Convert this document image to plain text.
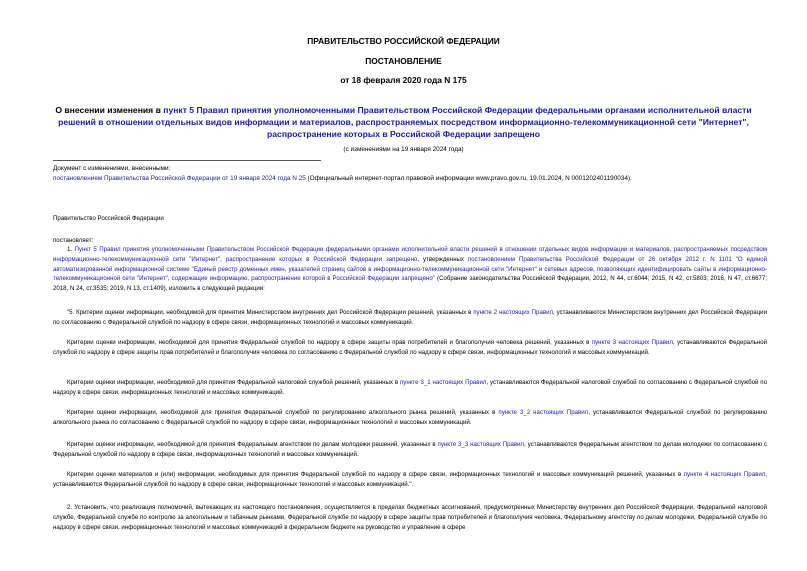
ПРАВИТЕЛЬСТВО РОССИЙСКОЙ ФЕДЕРАЦИИ
ПОСТАНОВЛЕНИЕ
от 18 февраля 2020 года N 175
О внесении изменения в пункт 5 Правил принятия уполномоченными Правительством Российской Федерации федеральными органами исполнительной власти решений в отношении отдельных видов информации и материалов, распространяемых посредством информационно-телекоммуникационной сети "Интернет", распространение которых в Российской Федерации запрещено
(с изменениями на 19 января 2024 года)
Документ с изменениями, внесенными:
постановлением Правительства Российской Федерации от 19 января 2024 года N 25 (Официальный интернет-портал правовой информации www.pravo.gov.ru, 19.01.2024, N 0001202401190034).
Правительство Российской Федерации
постановляет:
1. Пункт 5 Правил принятия уполномоченными Правительством Российской Федерации федеральными органами исполнительной власти решений в отношении отдельных видов информации и материалов, распространяемых посредством информационно-телекоммуникационной сети "Интернет", распространение которых в Российской Федерации запрещено, утвержденных постановлением Правительства Российской Федерации от 26 октября 2012 г. N 1101 "О единой автоматизированной информационной системе "Единый реестр доменных имен, указателей страниц сайтов в информационно-телекоммуникационной сети "Интернет" и сетевых адресов, позволяющих идентифицировать сайты в информационно-телекоммуникационной сети "Интернет", содержащие информацию, распространение которой в Российской Федерации запрещено" (Собрание законодательства Российской Федерации, 2012, N 44, ст.6044; 2015, N 42, ст.5803; 2016, N 47, ст.6677; 2018, N 24, ст.3535; 2019, N 13, ст.1409), изложить в следующей редакции:
"5. Критерии оценки информации, необходимой для принятия Министерством внутренних дел Российской Федерации решений, указанных в пункте 2 настоящих Правил, устанавливаются Министерством внутренних дел Российской Федерации по согласованию с Федеральной службой по надзору в сфере связи, информационных технологий и массовых коммуникаций.
Критерии оценки информации, необходимой для принятия Федеральной службой по надзору в сфере защиты прав потребителей и благополучия человека решений, указанных в пункте 3 настоящих Правил, устанавливаются Федеральной службой по надзору в сфере защиты прав потребителей и благополучия человека по согласованию с Федеральной службой по надзору в сфере связи, информационных технологий и массовых коммуникаций.
Критерии оценки информации, необходимой для принятия Федеральной налоговой службой решений, указанных в пункте 3_1 настоящих Правил, устанавливаются Федеральной налоговой службой по согласованию с Федеральной службой по надзору в сфере связи, информационных технологий и массовых коммуникаций.
Критерии оценки информации, необходимой для принятия Федеральной службой по регулированию алкогольного рынка решений, указанных в пункте 3_2 настоящих Правил, устанавливаются Федеральной службой по регулированию алкогольного рынка по согласованию с Федеральной службой по надзору в сфере связи, информационных технологий и массовых коммуникаций.
Критерии оценки информации, необходимой для принятия Федеральным агентством по делам молодежи решений, указанных в пункте 3_3 настоящих Правил, устанавливаются Федеральным агентством по делам молодежи по согласованию с Федеральной службой по надзору в сфере связи, информационных технологий и массовых коммуникаций.
Критерии оценки материалов и (или) информации, необходимых для принятия Федеральной службой по надзору в сфере связи, информационных технологий и массовых коммуникаций решений, указанных в пункте 4 настоящих Правил, устанавливаются Федеральной службой по надзору в сфере связи, информационных технологий и массовых коммуникаций.".
2. Установить, что реализация полномочий, вытекающих из настоящего постановления, осуществляется в пределах бюджетных ассигнований, предусмотренных Министерству внутренних дел Российской Федерации, Федеральной налоговой службе, Федеральной службе по контролю за алкогольным и табачным рынками, Федеральной службе по надзору в сфере защиты прав потребителей и благополучия человека, Федеральному агентству по делам молодежи, Федеральной службе по надзору в сфере связи, информационных технологий и массовых коммуникаций в федеральном бюджете на руководство и управление в сфере
